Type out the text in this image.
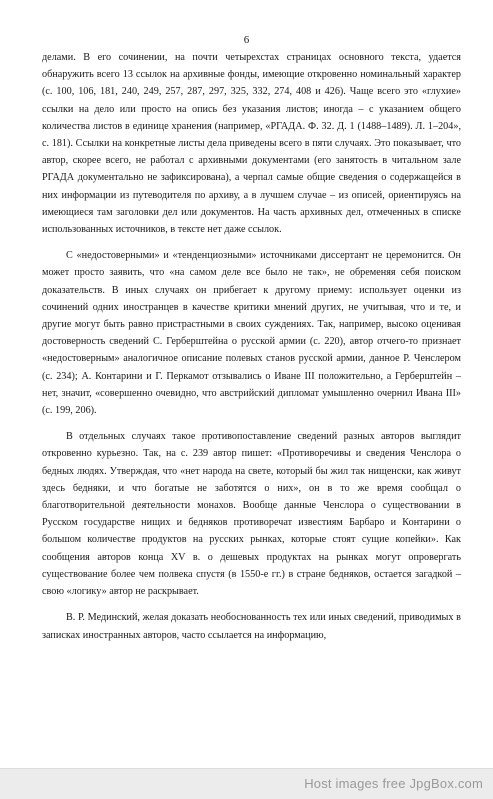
6

делами. В его сочинении, на почти четырехстах страницах основного текста, удается обнаружить всего 13 ссылок на архивные фонды, имеющие откровенно номинальный характер (с. 100, 106, 181, 240, 249, 257, 287, 297, 325, 332, 274, 408 и 426). Чаще всего это «глухие» ссылки на дело или просто на опись без указания листов; иногда – с указанием общего количества листов в единице хранения (например, «РГАДА. Ф. 32. Д. 1 (1488–1489). Л. 1–204», с. 181). Ссылки на конкретные листы дела приведены всего в пяти случаях. Это показывает, что автор, скорее всего, не работал с архивными документами (его занятость в читальном зале РГАДА документально не зафиксирована), а черпал самые общие сведения о содержащейся в них информации из путеводителя по архиву, а в лучшем случае – из описей, ориентируясь на имеющиеся там заголовки дел или документов. На часть архивных дел, отмеченных в списке использованных источников, в тексте нет даже ссылок.

С «недостоверными» и «тенденциозными» источниками диссертант не церемонится. Он может просто заявить, что «на самом деле все было не так», не обременяя себя поиском доказательств. В иных случаях он прибегает к другому приему: использует оценки из сочинений одних иностранцев в качестве критики мнений других, не учитывая, что и те, и другие могут быть равно пристрастными в своих суждениях. Так, например, высоко оценивая достоверность сведений С. Герберштейна о русской армии (с. 220), автор отчего-то признает «недостоверным» аналогичное описание полевых станов русской армии, данное Р. Ченслером (с. 234); А. Контарини и Г. Перкамот отзывались о Иване III положительно, а Герберштейн – нет, значит, «совершенно очевидно, что австрийский дипломат умышленно очернил Ивана III» (с. 199, 206).

В отдельных случаях такое противопоставление сведений разных авторов выглядит откровенно курьезно. Так, на с. 239 автор пишет: «Противоречивы и сведения Ченслора о бедных людях. Утверждая, что «нет народа на свете, который бы жил так нищенски, как живут здесь бедняки, и что богатые не заботятся о них», он в то же время сообщал о благотворительной деятельности монахов. Вообще данные Ченслора о существовании в Русском государстве нищих и бедняков противоречат известиям Барбаро и Контарини о большом количестве продуктов на русских рынках, которые стоят сущие копейки». Как сообщения авторов конца XV в. о дешевых продуктах на рынках могут опровергать существование более чем полвека спустя (в 1550-е гг.) в стране бедняков, остается загадкой – свою «логику» автор не раскрывает.

В. Р. Мединский, желая доказать необоснованность тех или иных сведений, приводимых в записках иностранных авторов, часто ссылается на информацию,

Host images free JpgBox.com
